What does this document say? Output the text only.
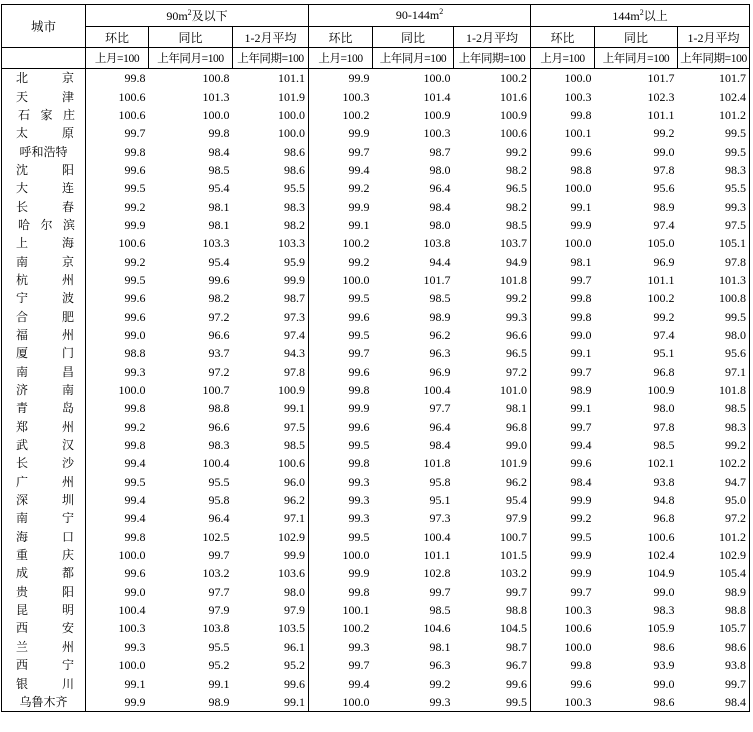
城市	$90m^2$及以下			$90-144m^2$			$144m^2$以上		
	环比	同比	1-2月平均	环比	同比	1-2月平均	环比	同比	1-2月平均
	上月=100	上年同月=100	上年同期=100	上月=100	上年同月=100	上年同期=100	上月=100	上年同月=100	上年同期=100

北 京	99.8	100.8	101.1	99.9	100.0	100.2	100.0	101.7	101.7

天 津	100.6	101.3	101.9	100.3	101.4	101.6	100.3	102.3	102.4

石 家 庄	100.6	100.0	100.0	100.2	100.9	100.9	99.8	101.1	101.2

太 原	99.7	99.8	100.0	99.9	100.3	100.6	100.1	99.2	99.5
呼和浩特	99.8	98.4	98.6	99.7	98.7	99.2	99.6	99.0	99.5

沈 阳	99.6	98.5	98.6	99.4	98.0	98.2	98.8	97.8	98.3

大 连	99.5	95.4	95.5	99.2	96.4	96.5	100.0	95.6	95.5

长 春	99.2	98.1	98.3	99.9	98.4	98.2	99.1	98.9	99.3

哈 尔 滨	99.9	98.1	98.2	99.1	98.0	98.5	99.9	97.4	97.5

上 海	100.6	103.3	103.3	100.2	103.8	103.7	100.0	105.0	105.1

南 京	99.2	95.4	95.9	99.2	94.4	94.9	98.1	96.9	97.8

杭 州	99.5	99.6	99.9	100.0	101.7	101.8	99.7	101.1	101.3

宁 波	99.6	98.2	98.7	99.5	98.5	99.2	99.8	100.2	100.8

合 肥	99.6	97.2	97.3	99.6	98.9	99.3	99.8	99.2	99.5

福 州	99.0	96.6	97.4	99.5	96.2	96.6	99.0	97.4	98.0

厦 门	98.8	93.7	94.3	99.7	96.3	96.5	99.1	95.1	95.6

南 昌	99.3	97.2	97.8	99.6	96.9	97.2	99.7	96.8	97.1

济 南	100.0	100.7	100.9	99.8	100.4	101.0	98.9	100.9	101.8

青 岛	99.8	98.8	99.1	99.9	97.7	98.1	99.1	98.0	98.5

郑 州	99.2	96.6	97.5	99.6	96.4	96.8	99.7	97.8	98.3

武 汉	99.8	98.3	98.5	99.5	98.4	99.0	99.4	98.5	99.2

长 沙	99.4	100.4	100.6	99.8	101.8	101.9	99.6	102.1	102.2

广 州	99.5	95.5	96.0	99.3	95.8	96.2	98.4	93.8	94.7

深 圳	99.4	95.8	96.2	99.3	95.1	95.4	99.9	94.8	95.0

南 宁	99.4	96.4	97.1	99.3	97.3	97.9	99.2	96.8	97.2

海 口	99.8	102.5	102.9	99.5	100.4	100.7	99.5	100.6	101.2

重 庆	100.0	99.7	99.9	100.0	101.1	101.5	99.9	102.4	102.9

成 都	99.6	103.2	103.6	99.9	102.8	103.2	99.9	104.9	105.4

贵 阳	99.0	97.7	98.0	99.8	99.7	99.7	99.7	99.0	98.9

昆 明	100.4	97.9	97.9	100.1	98.5	98.8	100.3	98.3	98.8

西 安	100.3	103.8	103.5	100.2	104.6	104.5	100.6	105.9	105.7

兰 州	99.3	95.5	96.1	99.3	98.1	98.7	100.0	98.6	98.6

西 宁	100.0	95.2	95.2	99.7	96.3	96.7	99.8	93.9	93.8

银 川	99.1	99.1	99.6	99.4	99.2	99.6	99.6	99.0	99.7
乌鲁木齐	99.9	98.9	99.1	100.0	99.3	99.5	100.3	98.6	98.4
